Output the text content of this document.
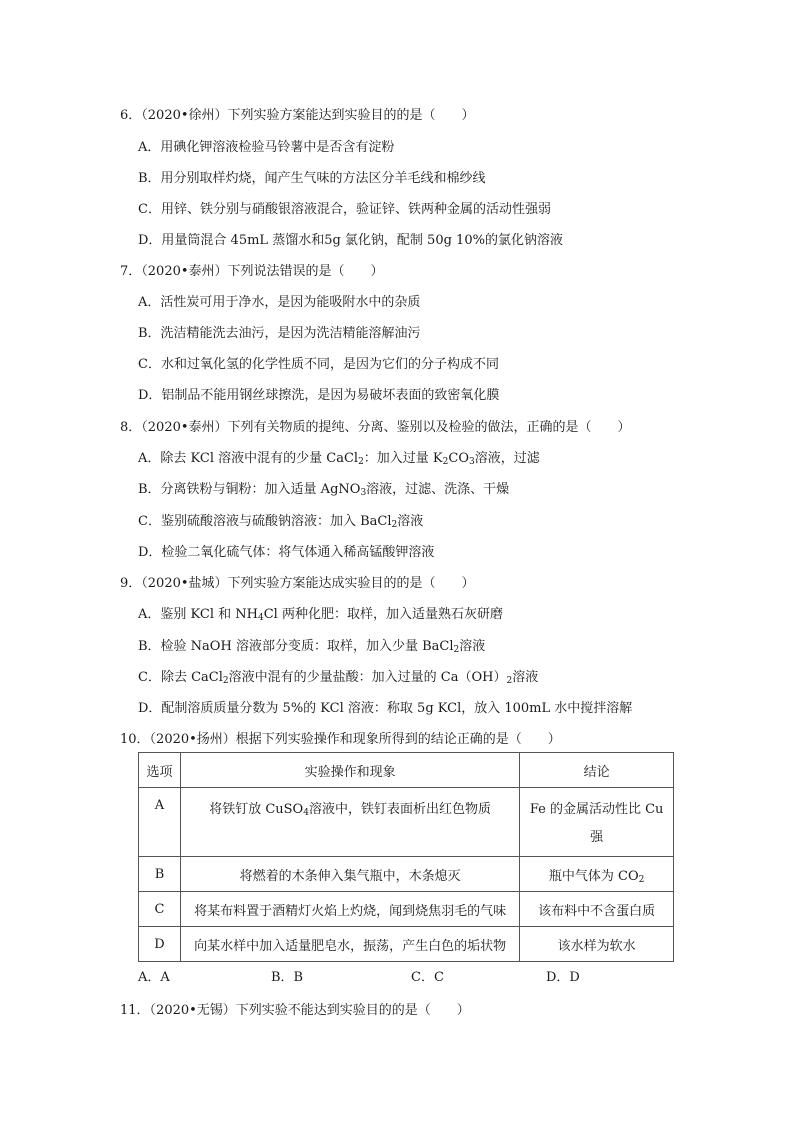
6．（2020•徐州）下列实验方案能达到实验目的的是（　　）
A．用碘化钾溶液检验马铃薯中是否含有淀粉
B．用分别取样灼烧，闻产生气味的方法区分羊毛线和棉纱线
C．用锌、铁分别与硝酸银溶液混合，验证锌、铁两种金属的活动性强弱
D．用量筒混合 45mL 蒸馏水和5g 氯化钠，配制 50g 10%的氯化钠溶液
7．（2020•泰州）下列说法错误的是（　　）
A．活性炭可用于净水，是因为能吸附水中的杂质
B．洗洁精能洗去油污，是因为洗洁精能溶解油污
C．水和过氧化氢的化学性质不同，是因为它们的分子构成不同
D．铝制品不能用钢丝球擦洗，是因为易破坏表面的致密氧化膜
8．（2020•泰州）下列有关物质的提纯、分离、鉴别以及检验的做法，正确的是（　　）
A．除去 KCl 溶液中混有的少量 CaCl$_2$：加入过量 $K_2CO_3$溶液，过滤
B．分离铁粉与铜粉：加入适量 AgNO$_3$溶液，过滤、洗涤、干燥
C．鉴别硫酸溶液与硫酸钠溶液：加入 BaCl$_2$溶液
D．检验二氧化硫气体：将气体通入稀高锰酸钾溶液
9．（2020•盐城）下列实验方案能达成实验目的的是（　　）
A．鉴别 KCl 和 $NH_4Cl$ 两种化肥：取样，加入适量熟石灰研磨
B．检验 NaOH 溶液部分变质：取样，加入少量 BaCl$_2$溶液
C．除去 CaCl$_2$溶液中混有的少量盐酸：加入过量的 $Ca(OH)_2$溶液
D．配制溶质质量分数为 5%的 KCl 溶液：称取 5g KCl，放入 100mL 水中搅拌溶解
10．（2020•扬州）根据下列实验操作和现象所得到的结论正确的是（　　）
选项	实验操作和现象	结论
A	将铁钉放 CuSO$_4$溶液中，铁钉表面析出红色物质	Fe 的金属活动性比 Cu 强
B	将燃着的木条伸入集气瓶中，木条熄灭	瓶中气体为 $CO_2$
C	将某布料置于酒精灯火焰上灼烧，闻到烧焦羽毛的气味	该布料中不含蛋白质
D	向某水样中加入适量肥皂水，振荡，产生白色的垢状物	该水样为软水
A．A	B．B	C．C	D．D
11．（2020•无锡）下列实验不能达到实验目的的是（　　）
